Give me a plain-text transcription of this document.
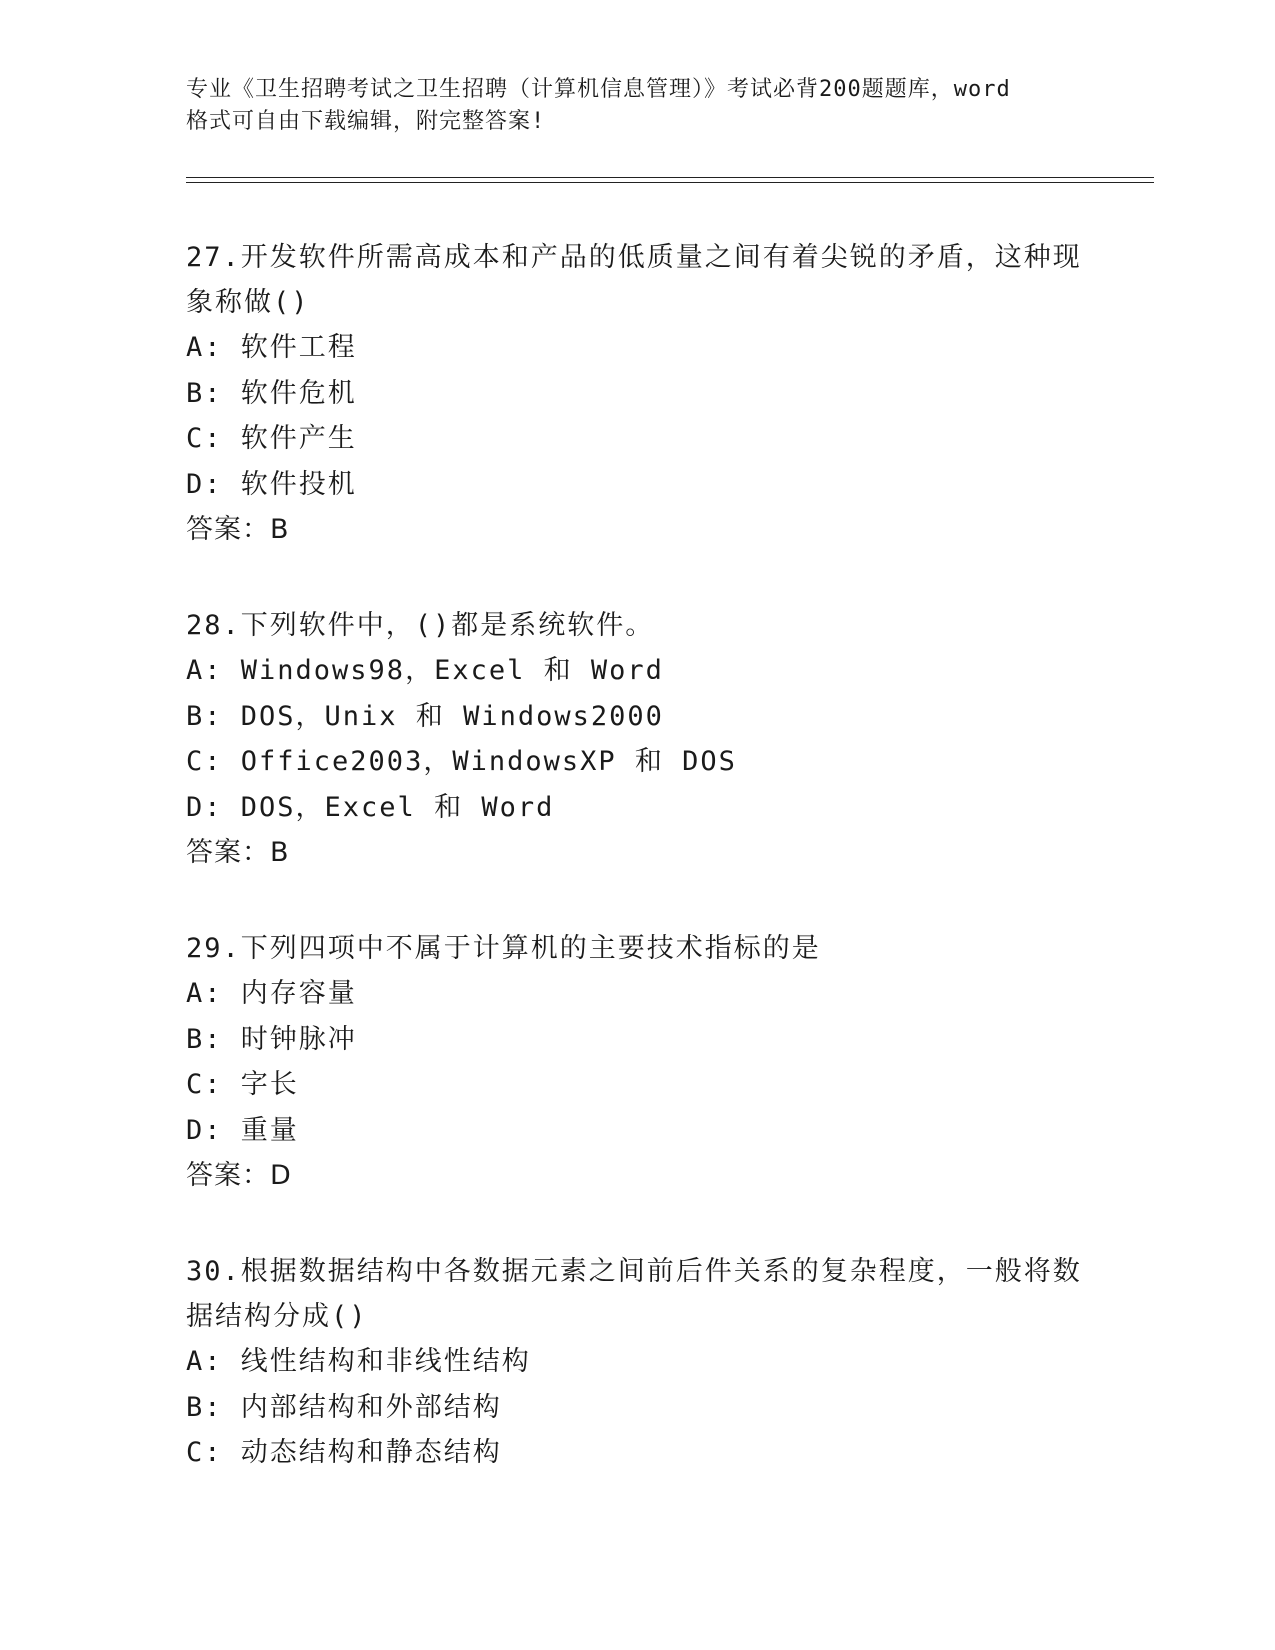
专业《卫生招聘考试之卫生招聘（计算机信息管理）》考试必背200题题库，word
格式可自由下载编辑，附完整答案!
27.开发软件所需高成本和产品的低质量之间有着尖锐的矛盾，这种现
象称做()
A: 软件工程
B: 软件危机
C: 软件产生
D: 软件投机
答案：B
28.下列软件中，()都是系统软件。
A: Windows98，Excel 和 Word
B: DOS，Unix 和 Windows2000
C: Office2003，WindowsXP 和 DOS
D: DOS，Excel 和 Word
答案：B
29.下列四项中不属于计算机的主要技术指标的是
A: 内存容量
B: 时钟脉冲
C: 字长
D: 重量
答案：D
30.根据数据结构中各数据元素之间前后件关系的复杂程度，一般将数
据结构分成()
A: 线性结构和非线性结构
B: 内部结构和外部结构
C: 动态结构和静态结构
